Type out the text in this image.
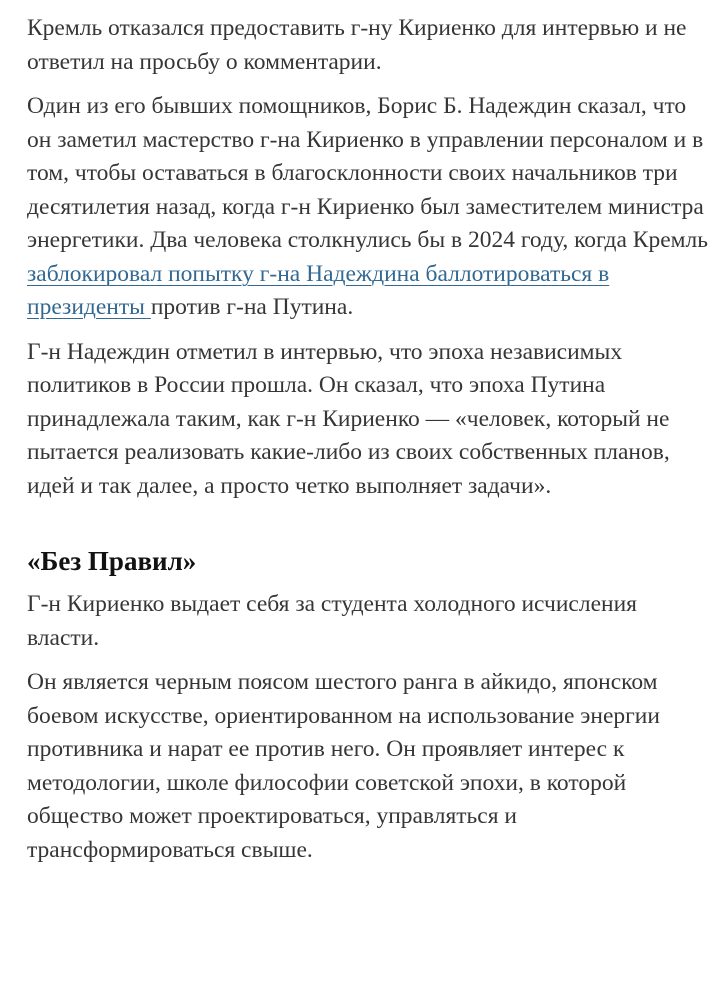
Кремль отказался предоставить г-ну Кириенко для интервью и не ответил на просьбу о комментарии.

Один из его бывших помощников, Борис Б. Надеждин сказал, что он заметил мастерство г-на Кириенко в управлении персоналом и в том, чтобы оставаться в благосклонности своих начальников три десятилетия назад, когда г-н Кириенко был заместителем министра энергетики. Два человека столкнулись бы в 2024 году, когда Кремль заблокировал попытку г-на Надеждина баллотироваться в президенты против г-на Путина.

Г-н Надеждин отметил в интервью, что эпоха независимых политиков в России прошла. Он сказал, что эпоха Путина принадлежала таким, как г-н Кириенко — «человек, который не пытается реализовать какие-либо из своих собственных планов, идей и так далее, а просто четко выполняет задачи».

«Без Правил»

Г-н Кириенко выдает себя за студента холодного исчисления власти.

Он является черным поясом шестого ранга в айкидо, японском боевом искусстве, ориентированном на использование энергии противника и нарат ее против него. Он проявляет интерес к методологии, школе философии советской эпохи, в которой общество может проектироваться, управляться и трансформироваться свыше.
